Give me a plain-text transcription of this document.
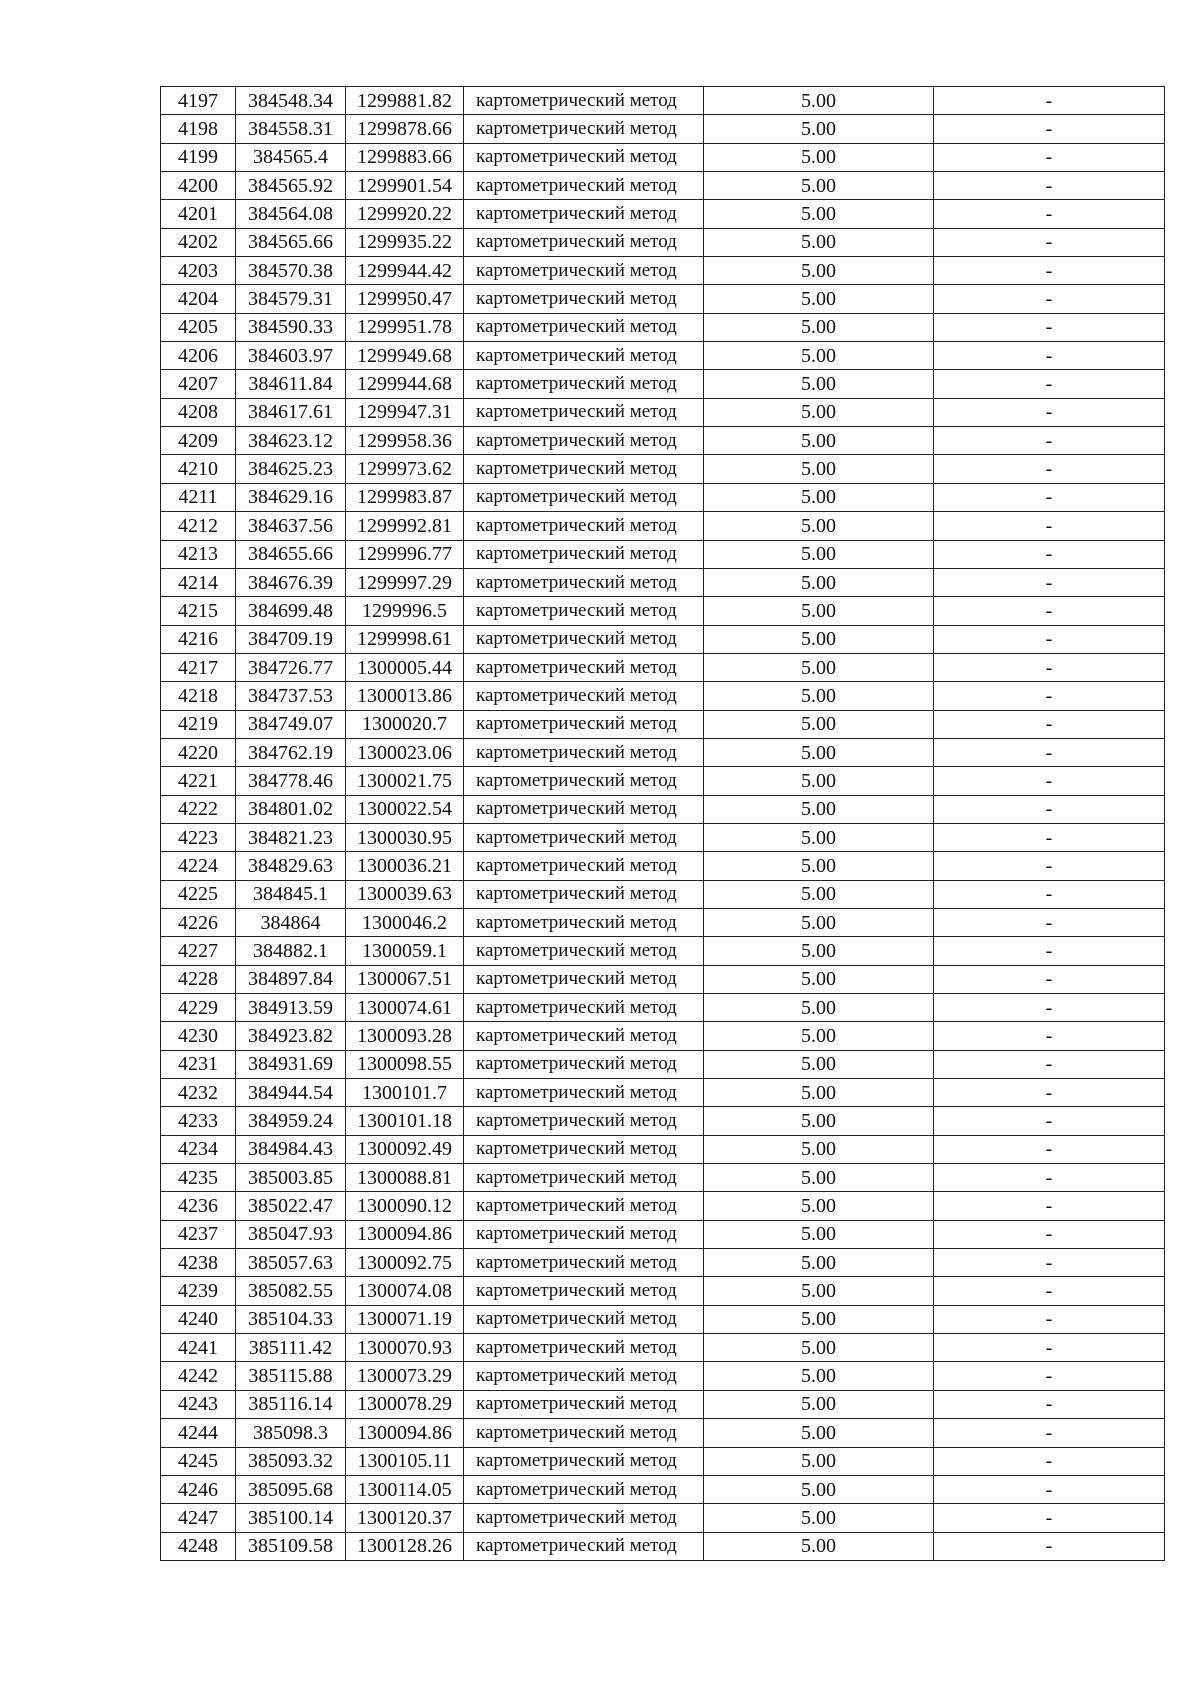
4197	384548.34	1299881.82	картометрический метод	5.00	-
4198	384558.31	1299878.66	картометрический метод	5.00	-
4199	384565.4	1299883.66	картометрический метод	5.00	-
4200	384565.92	1299901.54	картометрический метод	5.00	-
4201	384564.08	1299920.22	картометрический метод	5.00	-
4202	384565.66	1299935.22	картометрический метод	5.00	-
4203	384570.38	1299944.42	картометрический метод	5.00	-
4204	384579.31	1299950.47	картометрический метод	5.00	-
4205	384590.33	1299951.78	картометрический метод	5.00	-
4206	384603.97	1299949.68	картометрический метод	5.00	-
4207	384611.84	1299944.68	картометрический метод	5.00	-
4208	384617.61	1299947.31	картометрический метод	5.00	-
4209	384623.12	1299958.36	картометрический метод	5.00	-
4210	384625.23	1299973.62	картометрический метод	5.00	-
4211	384629.16	1299983.87	картометрический метод	5.00	-
4212	384637.56	1299992.81	картометрический метод	5.00	-
4213	384655.66	1299996.77	картометрический метод	5.00	-
4214	384676.39	1299997.29	картометрический метод	5.00	-
4215	384699.48	1299996.5	картометрический метод	5.00	-
4216	384709.19	1299998.61	картометрический метод	5.00	-
4217	384726.77	1300005.44	картометрический метод	5.00	-
4218	384737.53	1300013.86	картометрический метод	5.00	-
4219	384749.07	1300020.7	картометрический метод	5.00	-
4220	384762.19	1300023.06	картометрический метод	5.00	-
4221	384778.46	1300021.75	картометрический метод	5.00	-
4222	384801.02	1300022.54	картометрический метод	5.00	-
4223	384821.23	1300030.95	картометрический метод	5.00	-
4224	384829.63	1300036.21	картометрический метод	5.00	-
4225	384845.1	1300039.63	картометрический метод	5.00	-
4226	384864	1300046.2	картометрический метод	5.00	-
4227	384882.1	1300059.1	картометрический метод	5.00	-
4228	384897.84	1300067.51	картометрический метод	5.00	-
4229	384913.59	1300074.61	картометрический метод	5.00	-
4230	384923.82	1300093.28	картометрический метод	5.00	-
4231	384931.69	1300098.55	картометрический метод	5.00	-
4232	384944.54	1300101.7	картометрический метод	5.00	-
4233	384959.24	1300101.18	картометрический метод	5.00	-
4234	384984.43	1300092.49	картометрический метод	5.00	-
4235	385003.85	1300088.81	картометрический метод	5.00	-
4236	385022.47	1300090.12	картометрический метод	5.00	-
4237	385047.93	1300094.86	картометрический метод	5.00	-
4238	385057.63	1300092.75	картометрический метод	5.00	-
4239	385082.55	1300074.08	картометрический метод	5.00	-
4240	385104.33	1300071.19	картометрический метод	5.00	-
4241	385111.42	1300070.93	картометрический метод	5.00	-
4242	385115.88	1300073.29	картометрический метод	5.00	-
4243	385116.14	1300078.29	картометрический метод	5.00	-
4244	385098.3	1300094.86	картометрический метод	5.00	-
4245	385093.32	1300105.11	картометрический метод	5.00	-
4246	385095.68	1300114.05	картометрический метод	5.00	-
4247	385100.14	1300120.37	картометрический метод	5.00	-
4248	385109.58	1300128.26	картометрический метод	5.00	-
